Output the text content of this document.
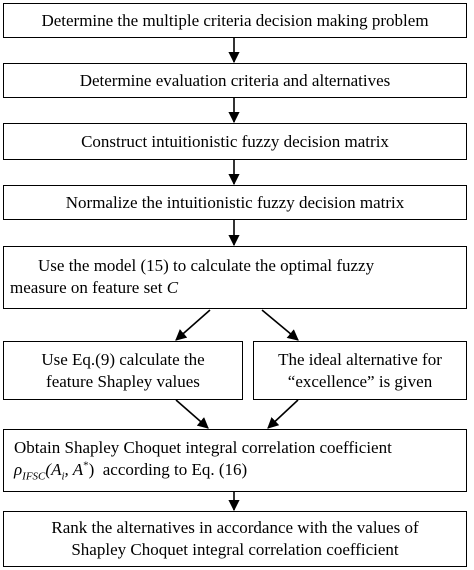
Determine the multiple criteria decision making problem
Determine evaluation criteria and alternatives
Construct intuitionistic fuzzy decision matrix
Normalize the intuitionistic fuzzy decision matrix
Use the model (15) to calculate the optimal fuzzy
measure on feature set C
Use Eq.(9) calculate the
feature Shapley values
The ideal alternative for
“excellence” is given
Obtain Shapley Choquet integral correlation coefficient
$\rho_{IFSC}(A_i$, A*)  according to Eq. (16)
Rank the alternatives in accordance with the values of
Shapley Choquet integral correlation coefficient
